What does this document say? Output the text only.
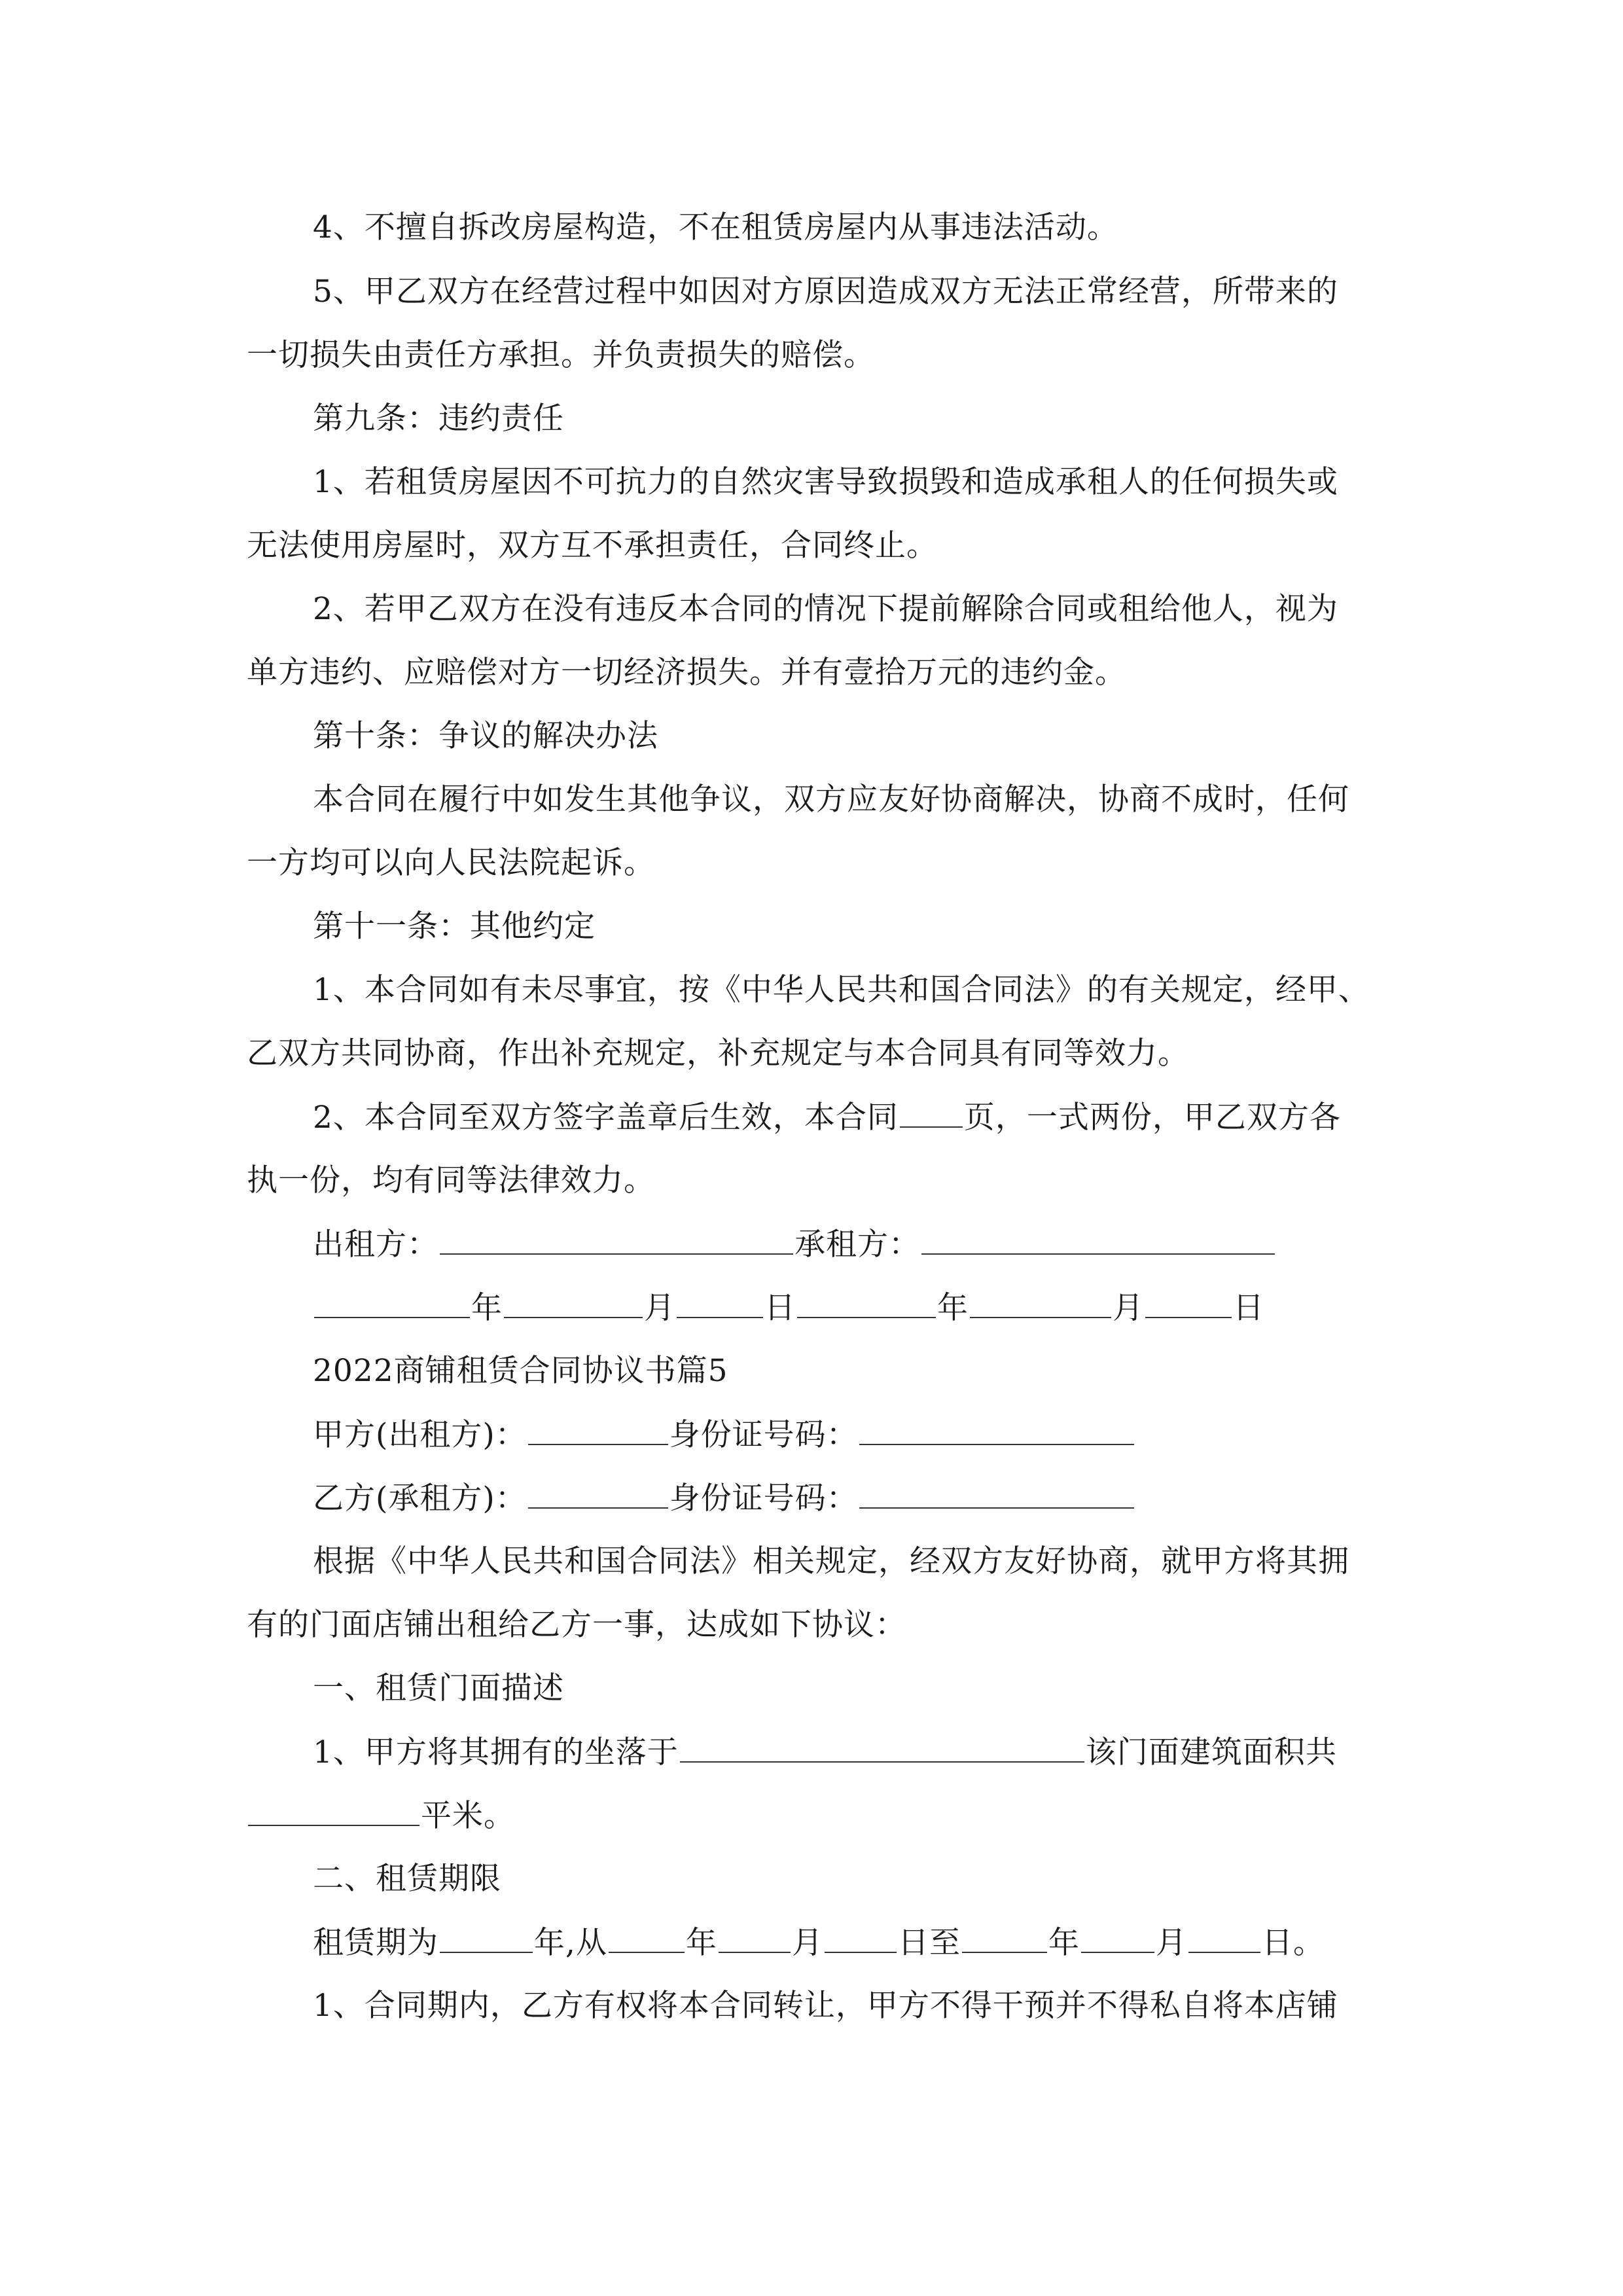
4、不擅自拆改房屋构造，不在租赁房屋内从事违法活动。
5、甲乙双方在经营过程中如因对方原因造成双方无法正常经营，所带来的
一切损失由责任方承担。并负责损失的赔偿。
第九条：违约责任
1、若租赁房屋因不可抗力的自然灾害导致损毁和造成承租人的任何损失或
无法使用房屋时，双方互不承担责任，合同终止。
2、若甲乙双方在没有违反本合同的情况下提前解除合同或租给他人，视为
单方违约、应赔偿对方一切经济损失。并有壹拾万元的违约金。
第十条：争议的解决办法
本合同在履行中如发生其他争议，双方应友好协商解决，协商不成时，任何
一方均可以向人民法院起诉。
第十一条：其他约定
1、本合同如有未尽事宜，按《中华人民共和国合同法》的有关规定，经甲、
乙双方共同协商，作出补充规定，补充规定与本合同具有同等效力。
2、本合同至双方签字盖章后生效，本合同 页，一式两份，甲乙双方各
执一份，均有同等法律效力。
出租方：	承租方：
年	月	日	年	月	日
2022商铺租赁合同协议书篇5
甲方(出租方)：	身份证号码：
乙方(承租方)：	身份证号码：
根据《中华人民共和国合同法》相关规定，经双方友好协商，就甲方将其拥
有的门面店铺出租给乙方一事，达成如下协议：
一、租赁门面描述
1、甲方将其拥有的坐落于	该门面建筑面积共
平米。
二、租赁期限
租赁期为	年,从	年 月 日至	年 月 日。
1、合同期内，乙方有权将本合同转让，甲方不得干预并不得私自将本店铺
